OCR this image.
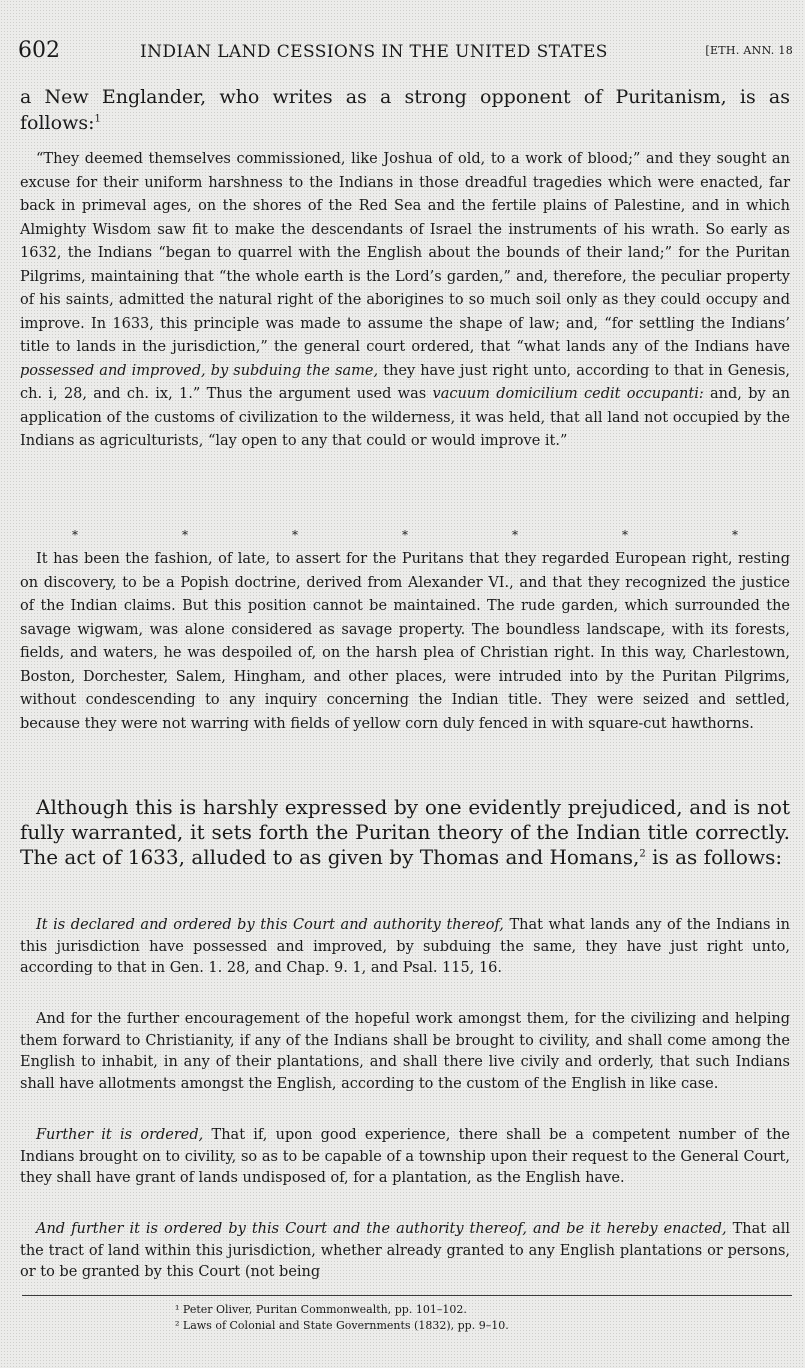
602	INDIAN LAND CESSIONS IN THE UNITED STATES	[ETH. ANN. 18

a New Englander, who writes as a strong opponent of Puritanism, is as follows:$^1$

“They deemed themselves commissioned, like Joshua of old, to a work of blood;” and they sought an excuse for their uniform harshness to the Indians in those dreadful tragedies which were enacted, far back in primeval ages, on the shores of the Red Sea and the fertile plains of Palestine, and in which Almighty Wisdom saw fit to make the descendants of Israel the instruments of his wrath. So early as 1632, the Indians “began to quarrel with the English about the bounds of their land;” for the Puritan Pilgrims, maintaining that “the whole earth is the Lord’s garden,” and, therefore, the peculiar property of his saints, admitted the natural right of the aborigines to so much soil only as they could occupy and improve. In 1633, this principle was made to assume the shape of law; and, “for settling the Indians’ title to lands in the jurisdiction,” the general court ordered, that “what lands any of the Indians have possessed and improved, by subduing the same, they have just right unto, according to that in Genesis, ch. i, 28, and ch. ix, 1.” Thus the argument used was vacuum domicilium cedit occupanti: and, by an application of the customs of civilization to the wilderness, it was held, that all land not occupied by the Indians as agriculturists, “lay open to any that could or would improve it.”

*	*	*	*	*	*	*

It has been the fashion, of late, to assert for the Puritans that they regarded European right, resting on discovery, to be a Popish doctrine, derived from Alexander VI., and that they recognized the justice of the Indian claims. But this position cannot be maintained. The rude garden, which surrounded the savage wigwam, was alone considered as savage property. The boundless landscape, with its forests, fields, and waters, he was despoiled of, on the harsh plea of Christian right. In this way, Charlestown, Boston, Dorchester, Salem, Hingham, and other places, were intruded into by the Puritan Pilgrims, without condescending to any inquiry concerning the Indian title. They were seized and settled, because they were not warring with fields of yellow corn duly fenced in with square-cut hawthorns.

Although this is harshly expressed by one evidently prejudiced, and is not fully warranted, it sets forth the Puritan theory of the Indian title correctly. The act of 1633, alluded to as given by Thomas and Homans,$^2$ is as follows:

It is declared and ordered by this Court and authority thereof, That what lands any of the Indians in this jurisdiction have possessed and improved, by subduing the same, they have just right unto, according to that in Gen. 1. 28, and Chap. 9. 1, and Psal. 115, 16.

And for the further encouragement of the hopeful work amongst them, for the civilizing and helping them forward to Christianity, if any of the Indians shall be brought to civility, and shall come among the English to inhabit, in any of their plantations, and shall there live civily and orderly, that such Indians shall have allotments amongst the English, according to the custom of the English in like case.

Further it is ordered, That if, upon good experience, there shall be a competent number of the Indians brought on to civility, so as to be capable of a township upon their request to the General Court, they shall have grant of lands undisposed of, for a plantation, as the English have.

And further it is ordered by this Court and the authority thereof, and be it hereby enacted, That all the tract of land within this jurisdiction, whether already granted to any English plantations or persons, or to be granted by this Court (not being

¹ Peter Oliver, Puritan Commonwealth, pp. 101–102.
² Laws of Colonial and State Governments (1832), pp. 9–10.
